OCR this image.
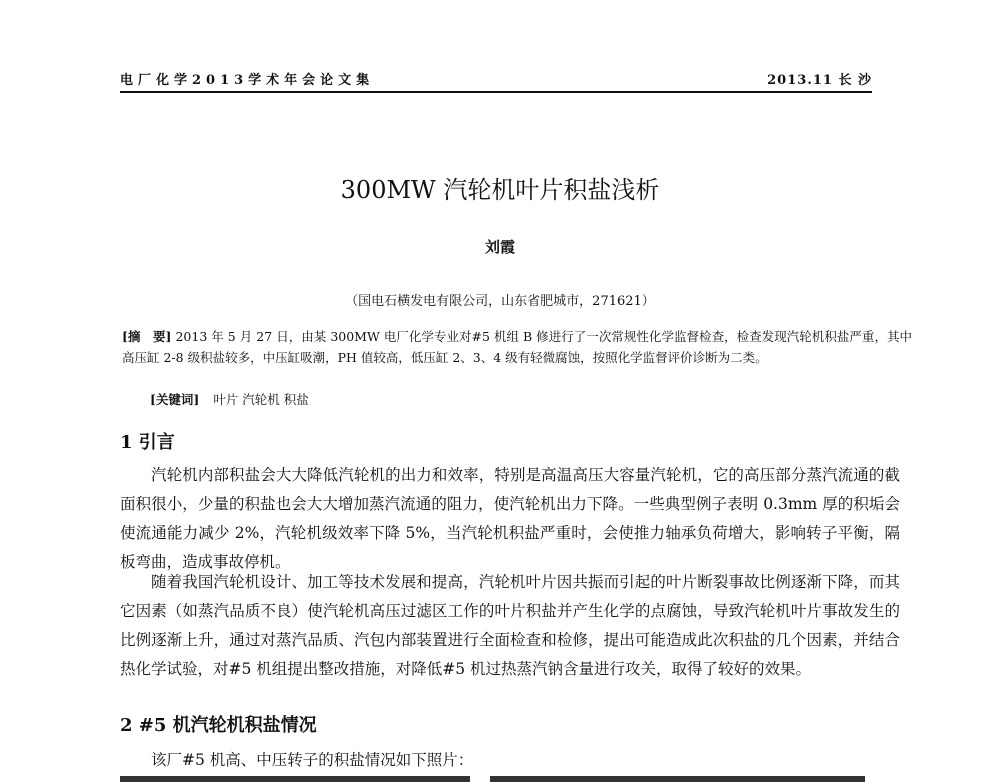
电厂化学2013学术年会论文集	2013.11 长 沙
300MW 汽轮机叶片积盐浅析
刘霞
（国电石横发电有限公司，山东省肥城市，271621）
[摘　要] 2013 年 5 月 27 日，由某 300MW 电厂化学专业对#5 机组 B 修进行了一次常规性化学监督检查，检查发现汽轮机积盐严重，其中高压缸 2-8 级积盐较多，中压缸吸潮，PH 值较高，低压缸 2、3、4 级有轻微腐蚀，按照化学监督评价诊断为二类。
[关键词] 叶片 汽轮机 积盐
1 引言
汽轮机内部积盐会大大降低汽轮机的出力和效率，特别是高温高压大容量汽轮机，它的高压部分蒸汽流通的截面积很小，少量的积盐也会大大增加蒸汽流通的阻力，使汽轮机出力下降。一些典型例子表明 0.3mm 厚的积垢会使流通能力减少 2%，汽轮机级效率下降 5%，当汽轮机积盐严重时，会使推力轴承负荷增大，影响转子平衡，隔板弯曲，造成事故停机。
随着我国汽轮机设计、加工等技术发展和提高，汽轮机叶片因共振而引起的叶片断裂事故比例逐渐下降，而其它因素（如蒸汽品质不良）使汽轮机高压过滤区工作的叶片积盐并产生化学的点腐蚀，导致汽轮机叶片事故发生的比例逐渐上升，通过对蒸汽品质、汽包内部装置进行全面检查和检修，提出可能造成此次积盐的几个因素，并结合热化学试验，对#5 机组提出整改措施，对降低#5 机过热蒸汽钠含量进行攻关，取得了较好的效果。
2 #5 机汽轮机积盐情况
该厂#5 机高、中压转子的积盐情况如下照片：
